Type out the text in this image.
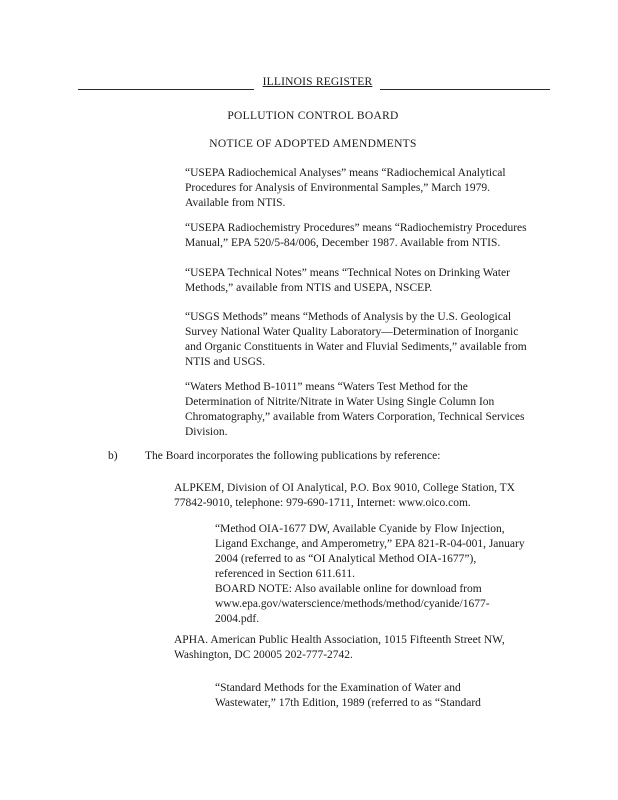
ILLINOIS REGISTER
POLLUTION CONTROL BOARD
NOTICE OF ADOPTED AMENDMENTS
“USEPA Radiochemical Analyses” means “Radiochemical Analytical
Procedures for Analysis of Environmental Samples,” March 1979.
Available from NTIS.
“USEPA Radiochemistry Procedures” means “Radiochemistry Procedures
Manual,” EPA 520/5-84/006, December 1987. Available from NTIS.
“USEPA Technical Notes” means “Technical Notes on Drinking Water
Methods,” available from NTIS and USEPA, NSCEP.
“USGS Methods” means “Methods of Analysis by the U.S. Geological
Survey National Water Quality Laboratory—Determination of Inorganic
and Organic Constituents in Water and Fluvial Sediments,” available from
NTIS and USGS.
“Waters Method B-1011” means “Waters Test Method for the
Determination of Nitrite/Nitrate in Water Using Single Column Ion
Chromatography,” available from Waters Corporation, Technical Services
Division.
b) The Board incorporates the following publications by reference:
ALPKEM, Division of OI Analytical, P.O. Box 9010, College Station, TX
77842-9010, telephone: 979-690-1711, Internet: www.oico.com.
“Method OIA-1677 DW, Available Cyanide by Flow Injection,
Ligand Exchange, and Amperometry,” EPA 821-R-04-001, January
2004 (referred to as “OI Analytical Method OIA-1677”),
referenced in Section 611.611.
BOARD NOTE: Also available online for download from
www.epa.gov/waterscience/methods/method/cyanide/1677-
2004.pdf.
APHA. American Public Health Association, 1015 Fifteenth Street NW,
Washington, DC 20005 202-777-2742.
“Standard Methods for the Examination of Water and
Wastewater,” 17th Edition, 1989 (referred to as “Standard
